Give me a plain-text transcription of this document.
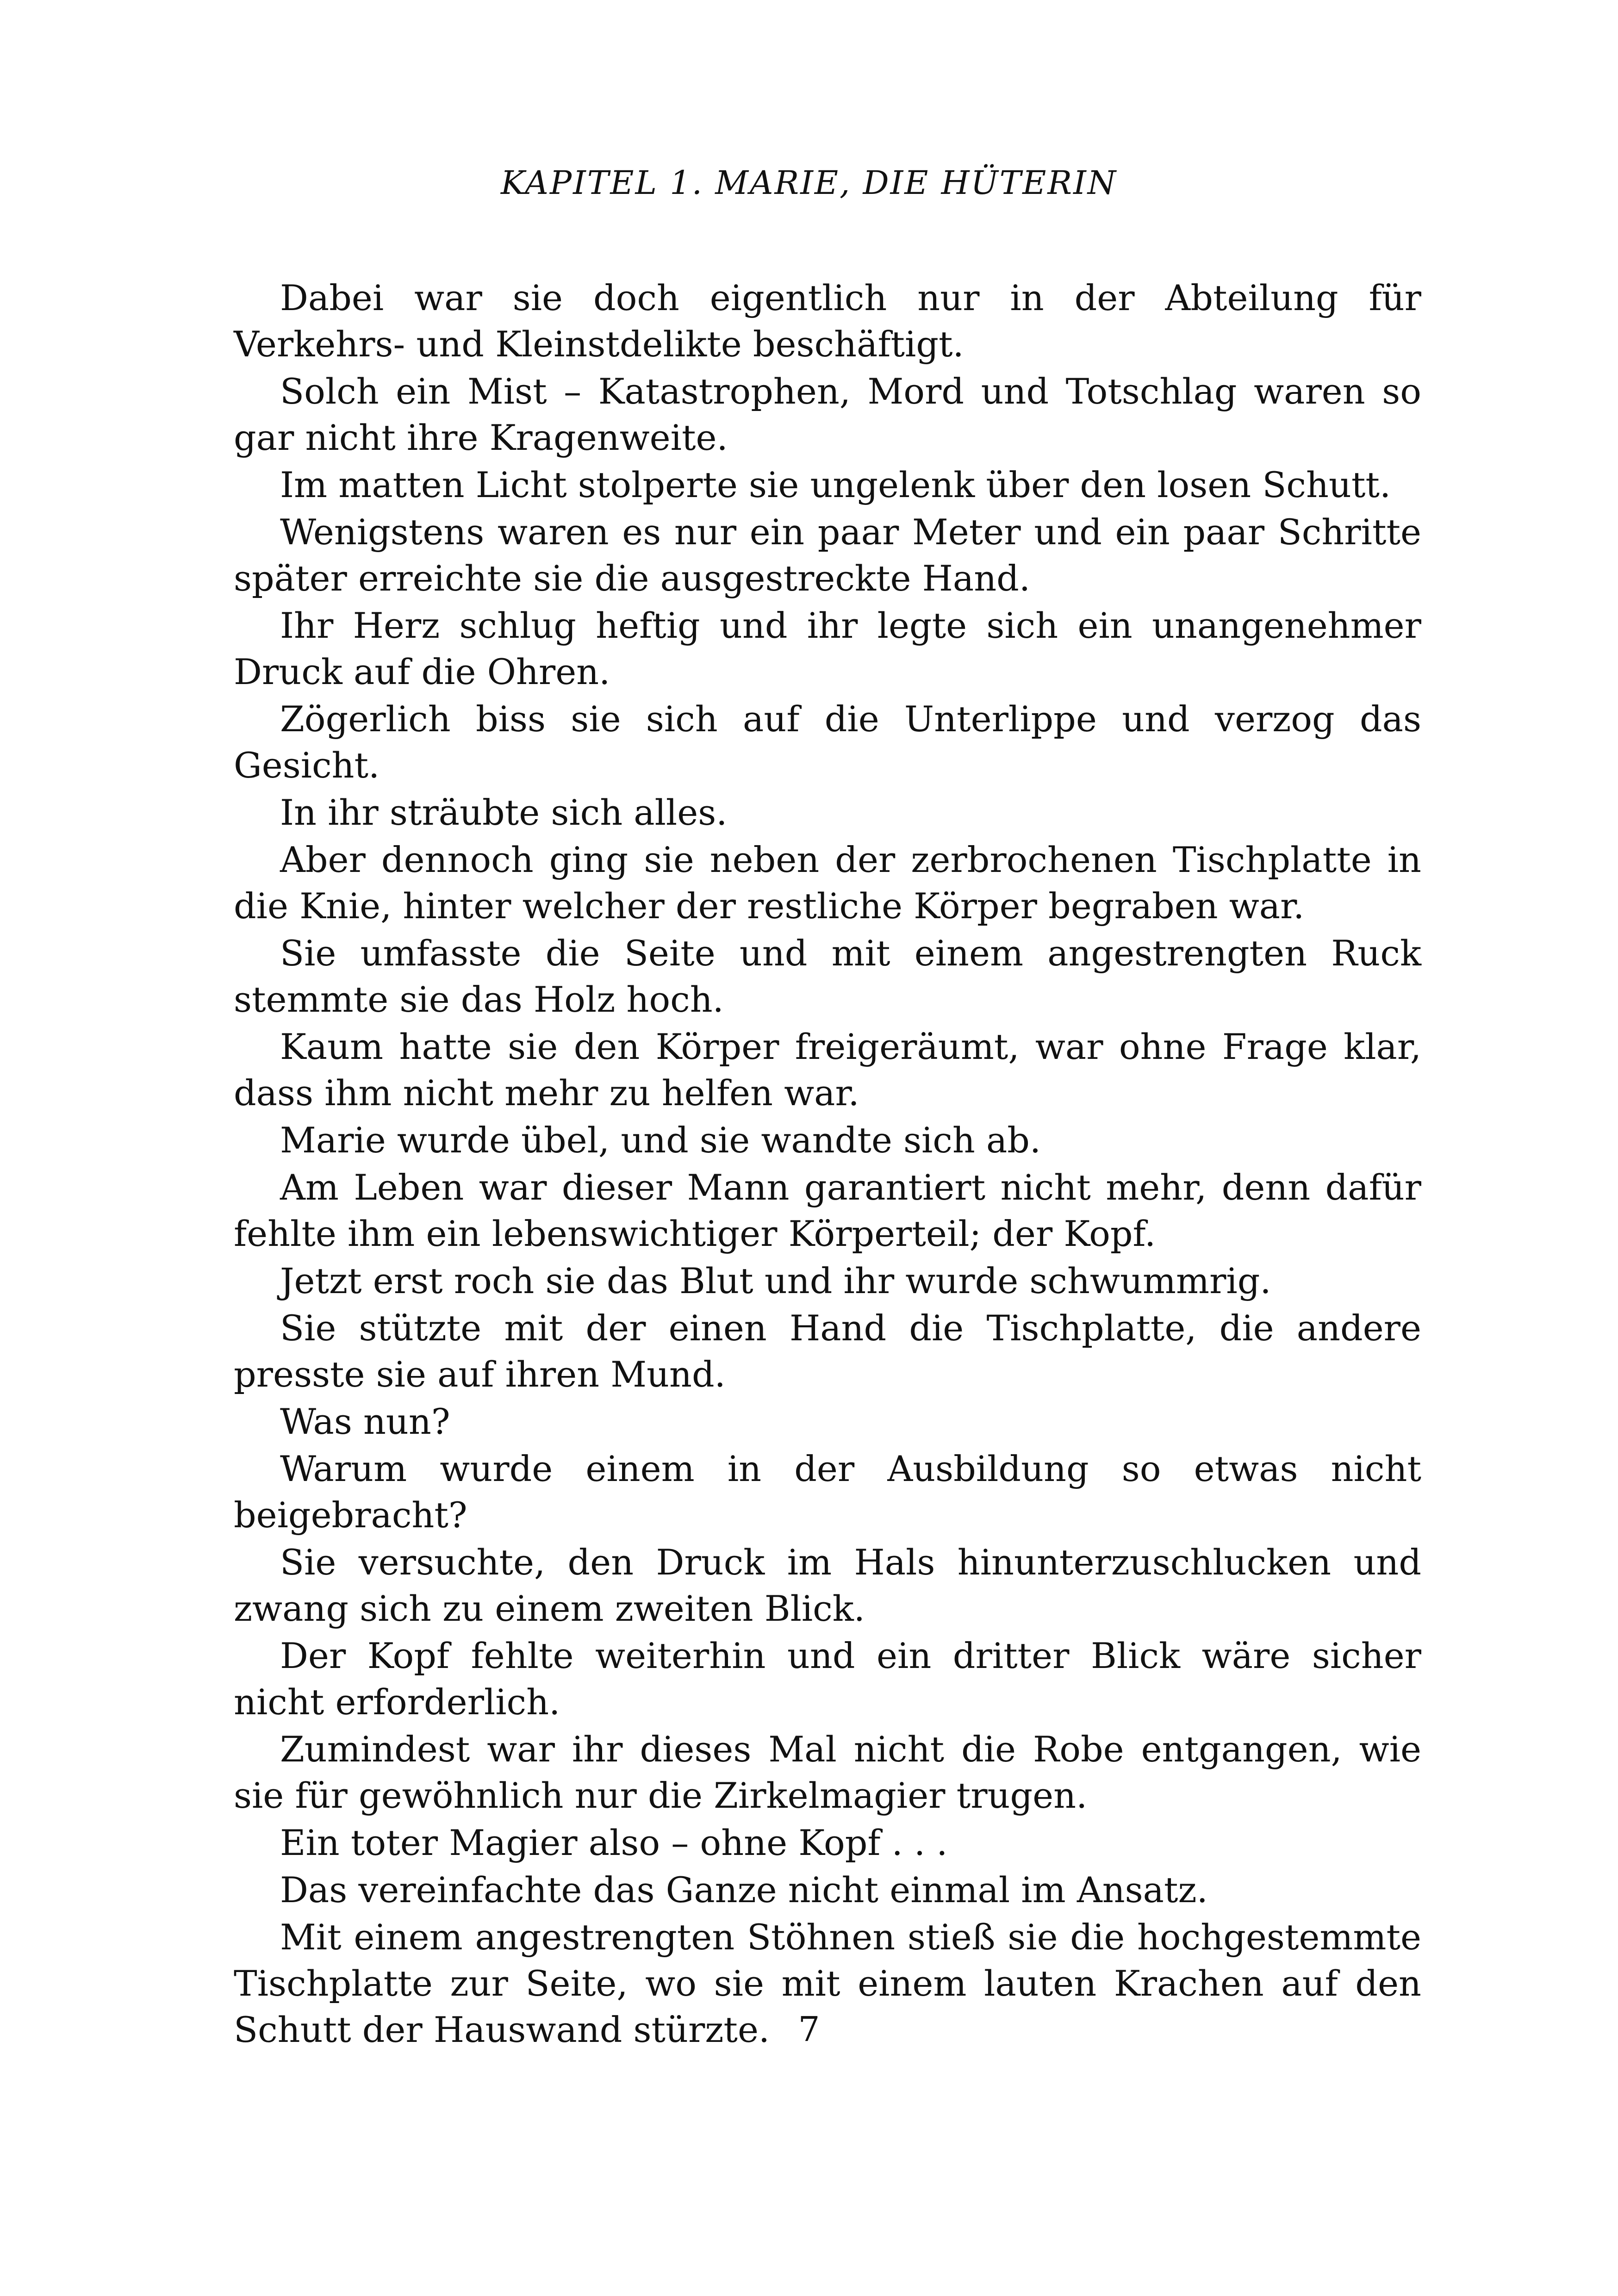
KAPITEL 1. MARIE, DIE HÜTERIN

Dabei war sie doch eigentlich nur in der Abteilung für Verkehrs- und Kleinstdelikte beschäftigt.

Solch ein Mist – Katastrophen, Mord und Totschlag waren so gar nicht ihre Kragenweite.

Im matten Licht stolperte sie ungelenk über den losen Schutt.

Wenigstens waren es nur ein paar Meter und ein paar Schritte später erreichte sie die ausgestreckte Hand.

Ihr Herz schlug heftig und ihr legte sich ein unangenehmer Druck auf die Ohren.

Zögerlich biss sie sich auf die Unterlippe und verzog das Gesicht.

In ihr sträubte sich alles.

Aber dennoch ging sie neben der zerbrochenen Tischplatte in die Knie, hinter welcher der restliche Körper begraben war.

Sie umfasste die Seite und mit einem angestrengten Ruck stemmte sie das Holz hoch.

Kaum hatte sie den Körper freigeräumt, war ohne Frage klar, dass ihm nicht mehr zu helfen war.

Marie wurde übel, und sie wandte sich ab.

Am Leben war dieser Mann garantiert nicht mehr, denn dafür fehlte ihm ein lebenswichtiger Körperteil; der Kopf.

Jetzt erst roch sie das Blut und ihr wurde schwummrig.

Sie stützte mit der einen Hand die Tischplatte, die andere presste sie auf ihren Mund.

Was nun?

Warum wurde einem in der Ausbildung so etwas nicht beigebracht?

Sie versuchte, den Druck im Hals hinunterzuschlucken und zwang sich zu einem zweiten Blick.

Der Kopf fehlte weiterhin und ein dritter Blick wäre sicher nicht erforderlich.

Zumindest war ihr dieses Mal nicht die Robe entgangen, wie sie für gewöhnlich nur die Zirkelmagier trugen.

Ein toter Magier also – ohne Kopf . . .

Das vereinfachte das Ganze nicht einmal im Ansatz.

Mit einem angestrengten Stöhnen stieß sie die hochgestemmte Tischplatte zur Seite, wo sie mit einem lauten Krachen auf den Schutt der Hauswand stürzte. 7
